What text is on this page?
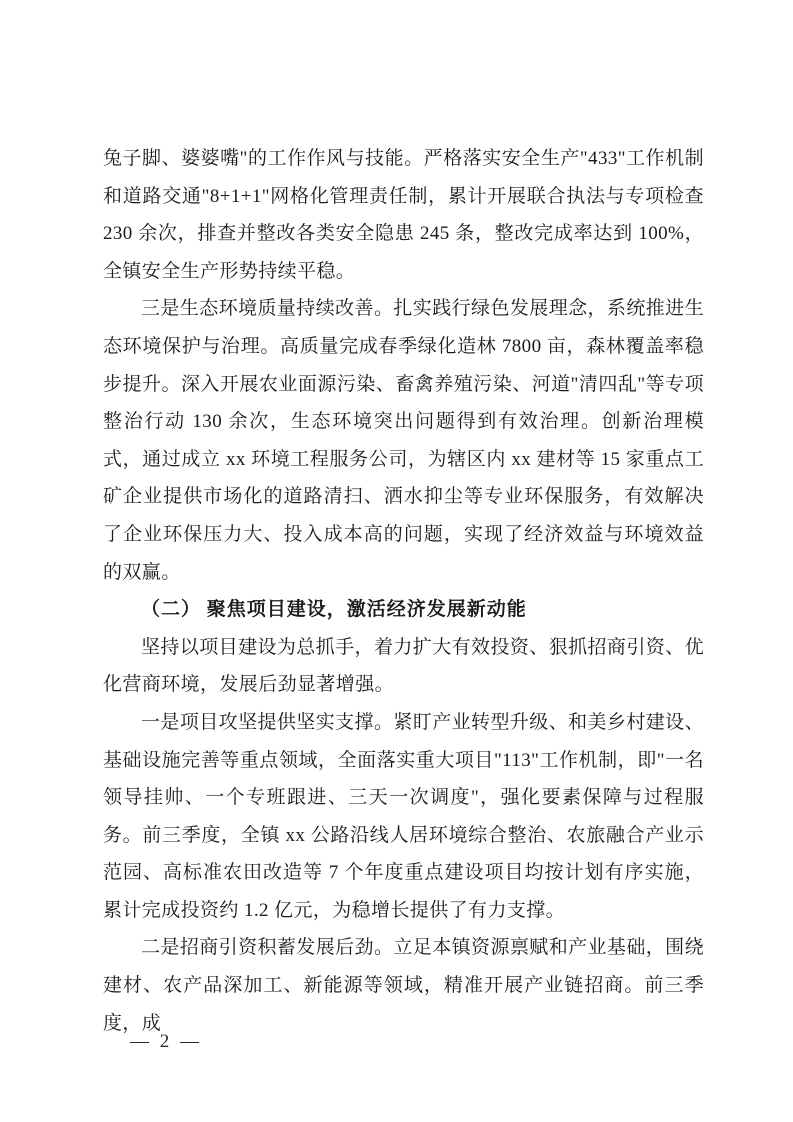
兔子脚、婆婆嘴"的工作作风与技能。严格落实安全生产"433"工作机制和道路交通"8+1+1"网格化管理责任制，累计开展联合执法与专项检查 230 余次，排查并整改各类安全隐患 245 条，整改完成率达到 100%，全镇安全生产形势持续平稳。

三是生态环境质量持续改善。扎实践行绿色发展理念，系统推进生态环境保护与治理。高质量完成春季绿化造林 7800 亩，森林覆盖率稳步提升。深入开展农业面源污染、畜禽养殖污染、河道"清四乱"等专项整治行动 130 余次，生态环境突出问题得到有效治理。创新治理模式，通过成立 xx 环境工程服务公司，为辖区内 xx 建材等 15 家重点工矿企业提供市场化的道路清扫、洒水抑尘等专业环保服务，有效解决了企业环保压力大、投入成本高的问题，实现了经济效益与环境效益的双赢。

（二） 聚焦项目建设，激活经济发展新动能

坚持以项目建设为总抓手，着力扩大有效投资、狠抓招商引资、优化营商环境，发展后劲显著增强。

一是项目攻坚提供坚实支撑。紧盯产业转型升级、和美乡村建设、基础设施完善等重点领域，全面落实重大项目"113"工作机制，即"一名领导挂帅、一个专班跟进、三天一次调度"，强化要素保障与过程服务。前三季度，全镇 xx 公路沿线人居环境综合整治、农旅融合产业示范园、高标准农田改造等 7 个年度重点建设项目均按计划有序实施，累计完成投资约 1.2 亿元，为稳增长提供了有力支撑。

二是招商引资积蓄发展后劲。立足本镇资源禀赋和产业基础，围绕建材、农产品深加工、新能源等领域，精准开展产业链招商。前三季度，成

— 2 —
